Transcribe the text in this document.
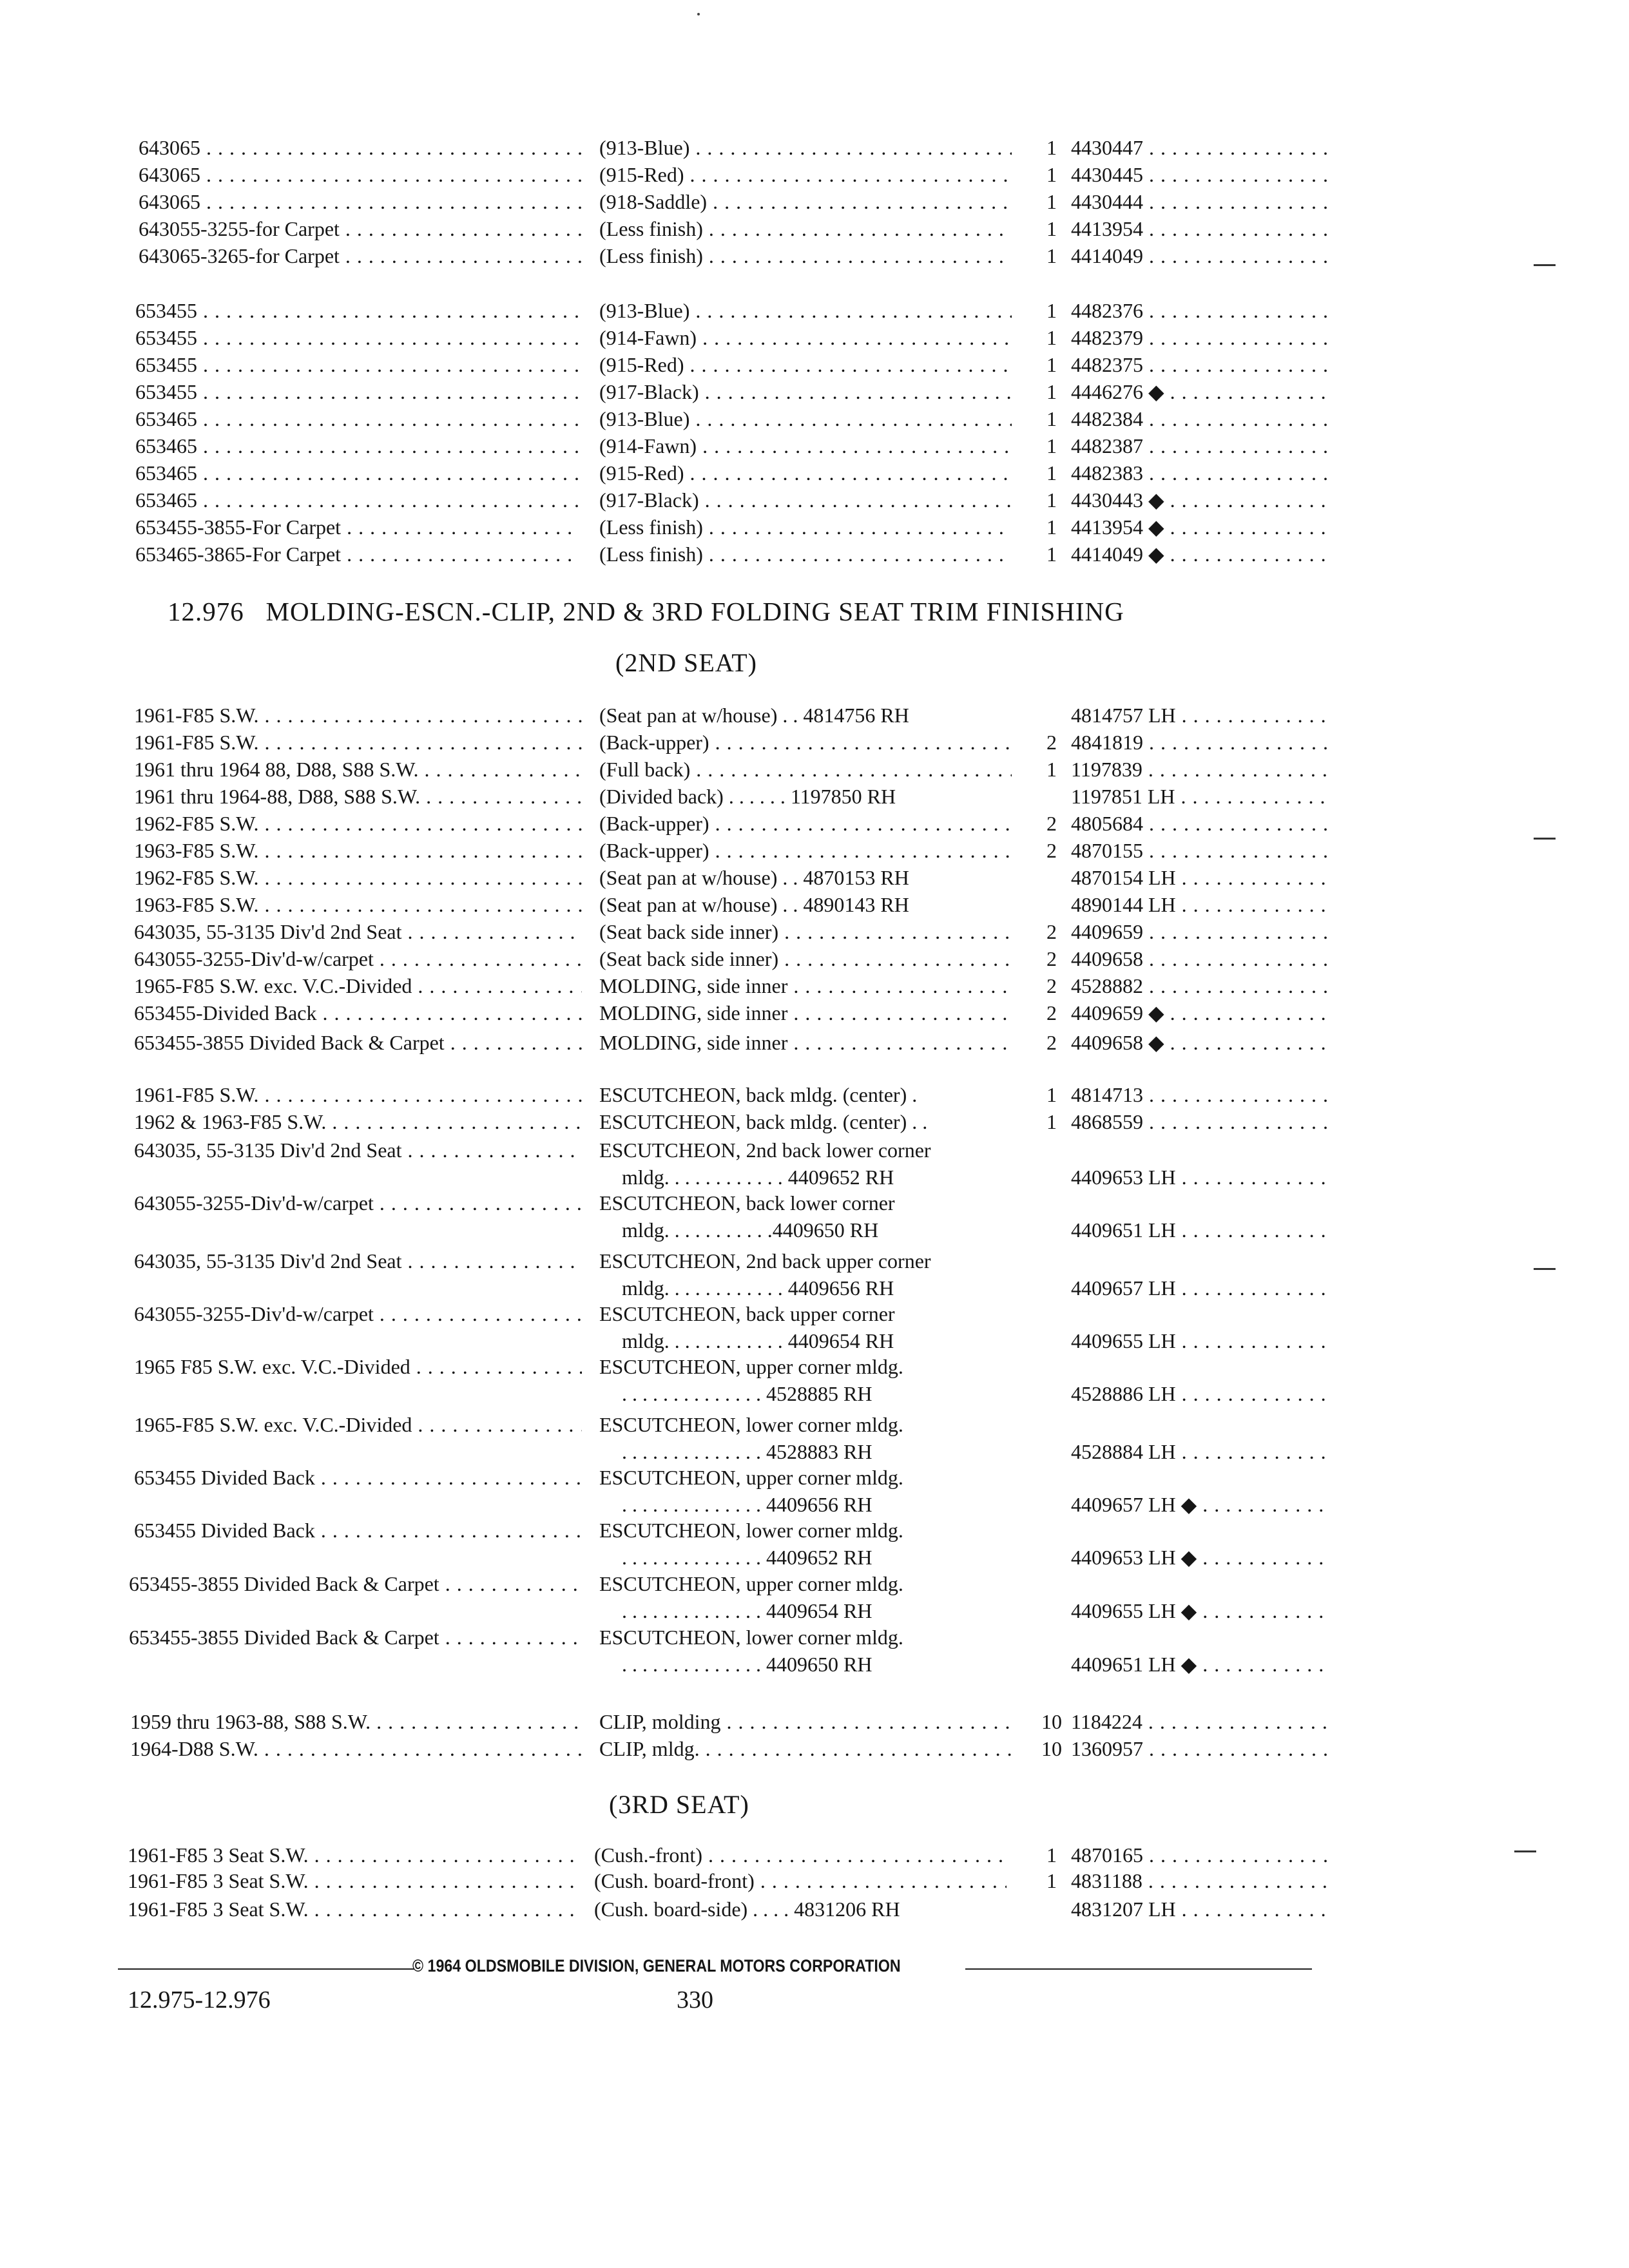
643065 . . .	(913-Blue) . . .	1 4430447 . . .
643065 . . .	(915-Red) . . .	1 4430445 . . .
643065 . . .	(918-Saddle) . . .	1 4430444 . . .
643055-3255-for Carpet . . .	(Less finish) . . .	1 4413954 . . .
643065-3265-for Carpet . . .	(Less finish) . . .	1 4414049 . . .
653455 . . .	(913-Blue) . . .	1 4482376 . . .
653455 . . .	(914-Fawn) . . .	1 4482379 . . .
653455 . . .	(915-Red) . . .	1 4482375 . . .
653455 . . .	(917-Black) . . .	1 4446276 ◆ . . .
653465 . . .	(913-Blue) . . .	1 4482384 . . .
653465 . . .	(914-Fawn) . . .	1 4482387 . . .
653465 . . .	(915-Red) . . .	1 4482383 . . .
653465 . . .	(917-Black) . . .	1 4430443 ◆ . . .
653455-3855-For Carpet . . .	(Less finish) . . .	1 4413954 ◆ . . .
653465-3865-For Carpet . . .	(Less finish) . . .	1 4414049 ◆ . . .
12.976 MOLDING-ESCN.-CLIP, 2ND & 3RD FOLDING SEAT TRIM FINISHING
(2ND SEAT)
1961-F85 S.W. . . .	(Seat pan at w/house) . . 4814756 RH	4814757 LH . . .
1961-F85 S.W. . . .	(Back-upper) . . .	2 4841819 . . .
1961 thru 1964 88, D88, S88 S.W. . . .	(Full back) . . .	1 1197839 . . .
1961 thru 1964-88, D88, S88 S.W. . . .	(Divided back) . . . . . . 1197850 RH	1197851 LH . . .
1962-F85 S.W. . . .	(Back-upper) . . .	2 4805684 . . .
1963-F85 S.W. . . .	(Back-upper) . . .	2 4870155 . . .
1962-F85 S.W. . . .	(Seat pan at w/house) . . 4870153 RH	4870154 LH . . .
1963-F85 S.W. . . .	(Seat pan at w/house) . . 4890143 RH	4890144 LH . . .
643035, 55-3135 Div'd 2nd Seat . . .	(Seat back side inner) . . .	2 4409659 . . .
643055-3255-Div'd-w/carpet . . .	(Seat back side inner) . . .	2 4409658 . . .
1965-F85 S.W. exc. V.C.-Divided . . .	MOLDING, side inner . . .	2 4528882 . . .
653455-Divided Back . . .	MOLDING, side inner . . .	2 4409659 ◆ . . .
653455-3855 Divided Back & Carpet . . .	MOLDING, side inner . . .	2 4409658 ◆ . . .
1961-F85 S.W. . . .	ESCUTCHEON, back mldg. (center) .	1 4814713 . . .
1962 & 1963-F85 S.W. . . .	ESCUTCHEON, back mldg. (center) . .	1 4868559 . . .
643035, 55-3135 Div'd 2nd Seat . . .	ESCUTCHEON, 2nd back lower corner
mldg. . . . . . . . . . . . 4409652 RH	4409653 LH . . .
643055-3255-Div'd-w/carpet . . .	ESCUTCHEON, back lower corner
mldg. . . . . . . . . . .4409650 RH	4409651 LH . . .
643035, 55-3135 Div'd 2nd Seat . . .	ESCUTCHEON, 2nd back upper corner
mldg. . . . . . . . . . . . 4409656 RH	4409657 LH . . .
643055-3255-Div'd-w/carpet . . .	ESCUTCHEON, back upper corner
mldg. . . . . . . . . . . . 4409654 RH	4409655 LH . . .
1965 F85 S.W. exc. V.C.-Divided . . .	ESCUTCHEON, upper corner mldg.
. . . . . . . . . . . . . . 4528885 RH	4528886 LH . . .
1965-F85 S.W. exc. V.C.-Divided . . .	ESCUTCHEON, lower corner mldg.
. . . . . . . . . . . . . . 4528883 RH	4528884 LH . . .
653455 Divided Back . . .	ESCUTCHEON, upper corner mldg.
. . . . . . . . . . . . . . 4409656 RH	4409657 LH ◆ . . .
653455 Divided Back . . .	ESCUTCHEON, lower corner mldg.
. . . . . . . . . . . . . . 4409652 RH	4409653 LH ◆ . . .
653455-3855 Divided Back & Carpet . . .	ESCUTCHEON, upper corner mldg.
. . . . . . . . . . . . . . 4409654 RH	4409655 LH ◆ . . .
653455-3855 Divided Back & Carpet . . .	ESCUTCHEON, lower corner mldg.
. . . . . . . . . . . . . . 4409650 RH	4409651 LH ◆ . . .
1959 thru 1963-88, S88 S.W. . . .	CLIP, molding . . .	10 1184224 . . .
1964-D88 S.W. . . .	CLIP, mldg. . . .	10 1360957 . . .
(3RD SEAT)
1961-F85 3 Seat S.W. . . .	(Cush.-front) . . .	1 4870165 . . .
1961-F85 3 Seat S.W. . . .	(Cush. board-front) . . .	1 4831188 . . .
1961-F85 3 Seat S.W. . . .	(Cush. board-side) . . . . 4831206 RH	4831207 LH . . .
© 1964 OLDSMOBILE DIVISION, GENERAL MOTORS CORPORATION
12.975-12.976	330
